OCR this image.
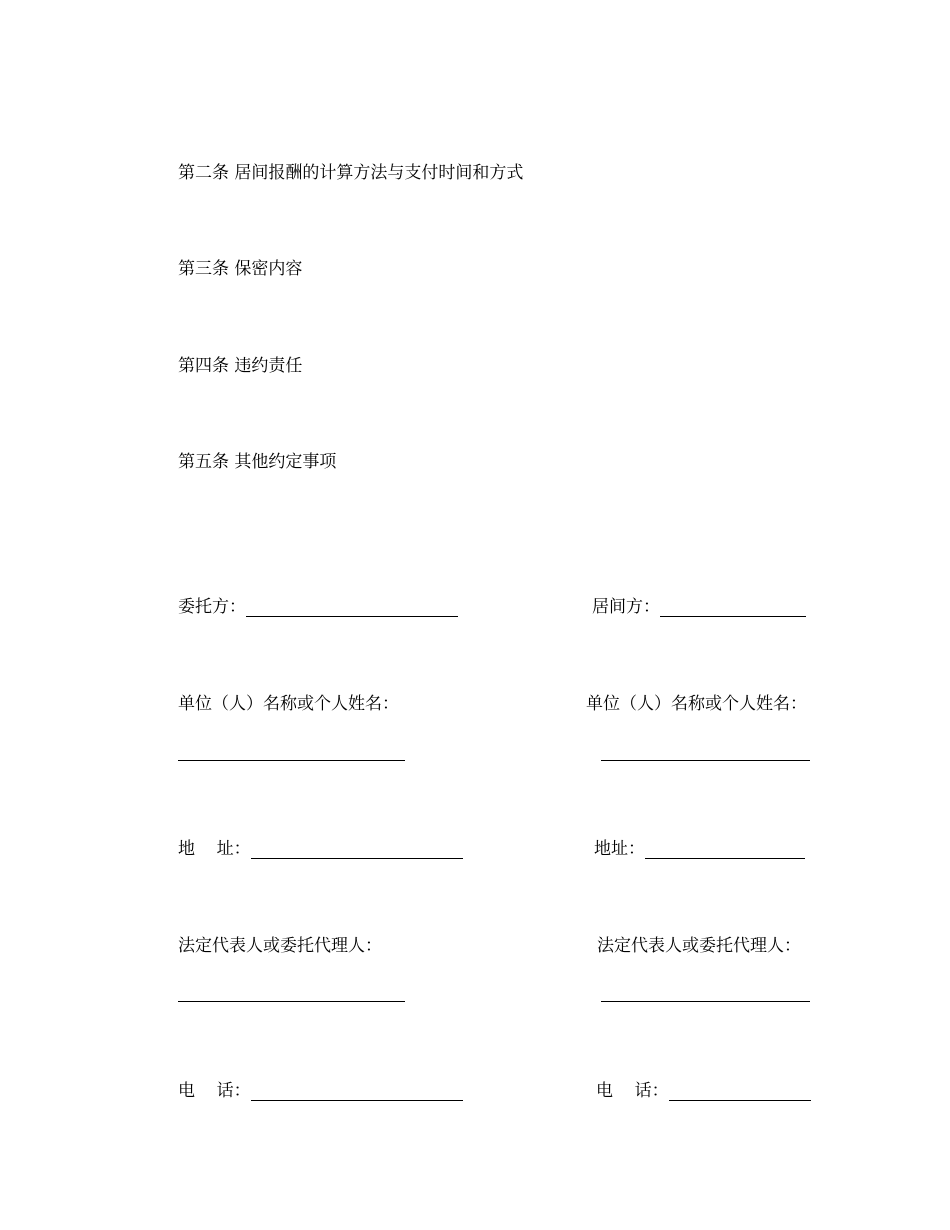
第二条 居间报酬的计算方法与支付时间和方式
第三条 保密内容
第四条 违约责任
第五条 其他约定事项
委托方：	居间方：
单位（人）名称或个人姓名：	单位（人）名称或个人姓名：
地    址：	地址：
法定代表人或委托代理人：	法定代表人或委托代理人：
电    话：	电    话：
